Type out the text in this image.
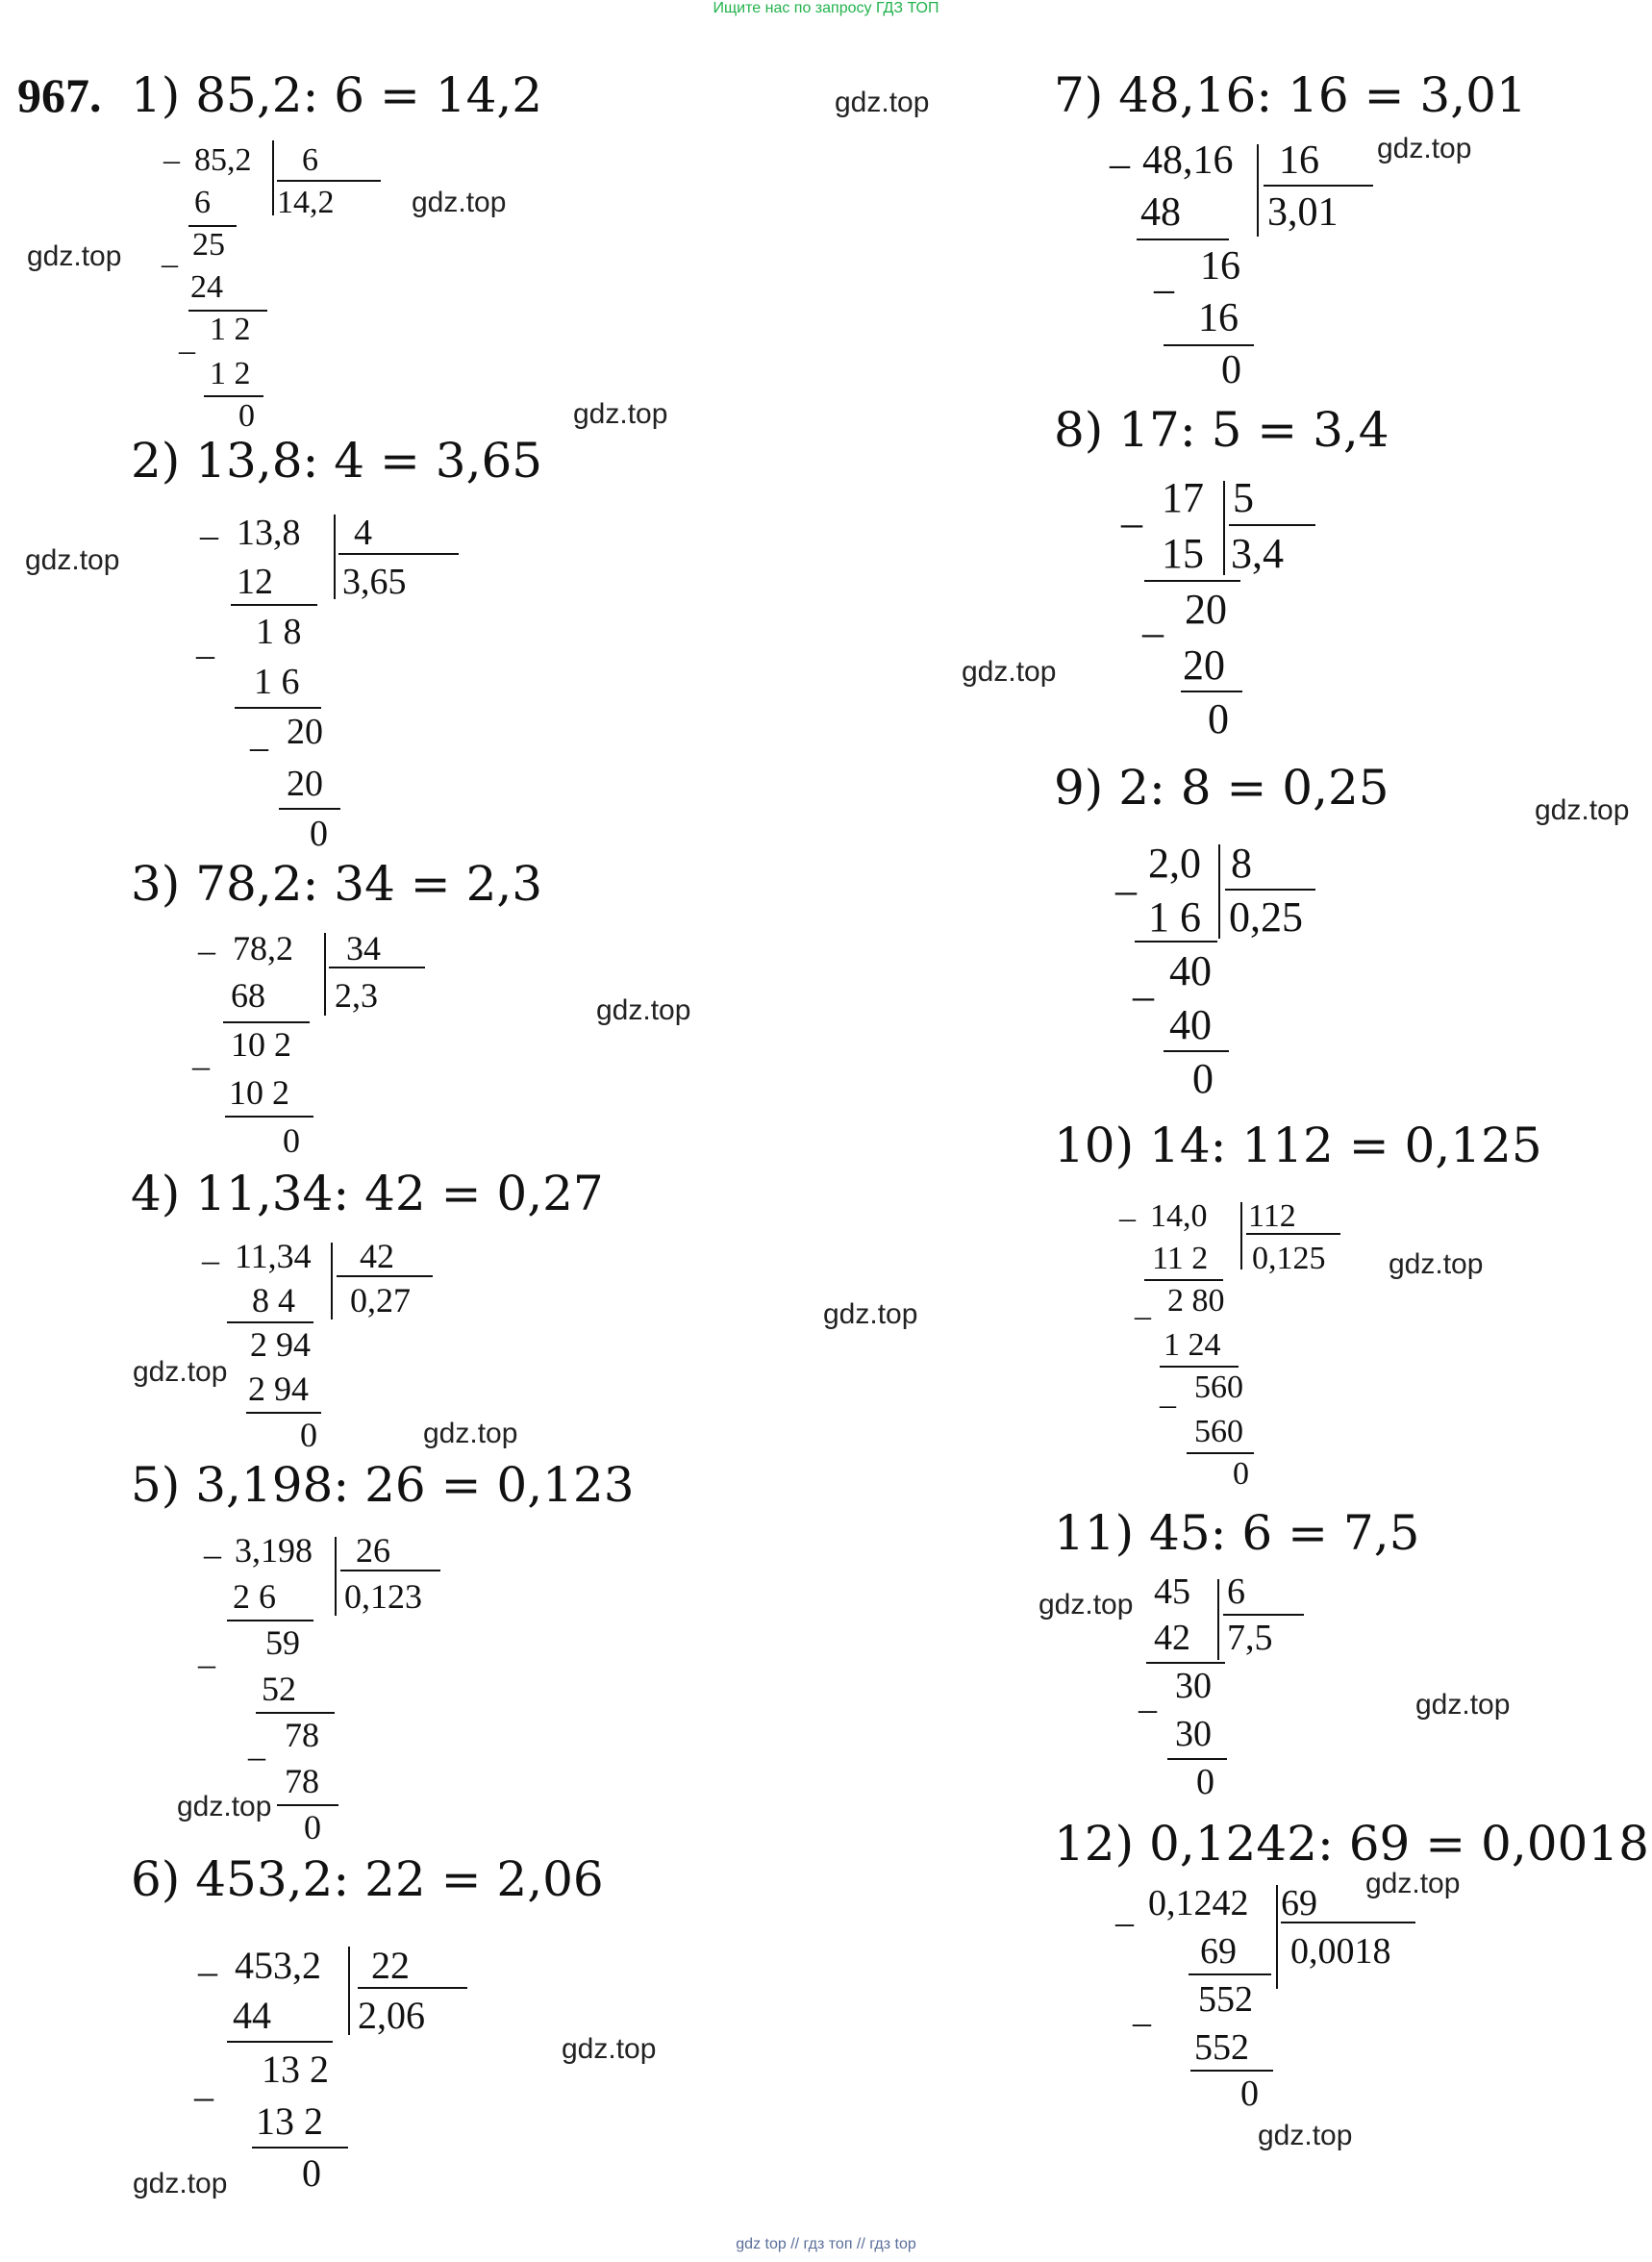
Ищите нас по запросу ГДЗ ТОП
967. 1) 85,2: 6 = 14,2
2) 13,8: 4 = 3,65
3) 78,2: 34 = 2,3
4) 11,34: 42 = 0,27
5) 3,198: 26 = 0,123
6) 453,2: 22 = 2,06
7) 48,16: 16 = 3,01
8) 17: 5 = 3,4
9) 2: 8 = 0,25
10) 14: 112 = 0,125
11) 45: 6 = 7,5
12) 0,1242: 69 = 0,0018
– 85,2 6
14,2
6
–
25
24
–
1 2
1 2
0
– 13,8 4
3,65
12
–
1 8
1 6
– 20
20
0
– 78,2 34
2,3
68
–
10 2
10 2
0
– 11,34 42
0,27
8 4
2 94
2 94
0
– 3,198 26
0,123
2 6
–
59
52
–
78
78
0
– 453,2 22
2,06
44
–
13 2
13 2
0
– 48,16 16
3,01
48
–
16
16
0
–
17 5
3,4
15
– 20
20
0
–
2,0 8
0,25
1 6
–
40
40
0
– 14,0 112
0,125
11 2
– 2 80
1 24
– 560
560
0
45 6
7,5
42
–
30
30
0
– 0,1242 69
0,0018
69
–
552
552
0
gdz.top
gdz.top
gdz.top
gdz.top
gdz.top
gdz.top
gdz.top
gdz.top
gdz.top
gdz.top
gdz.top
gdz.top
gdz.top
gdz.top
gdz.top
gdz.top
gdz.top
gdz.top
gdz.top
gdz.top
gdz top // гдз топ // гдз top
